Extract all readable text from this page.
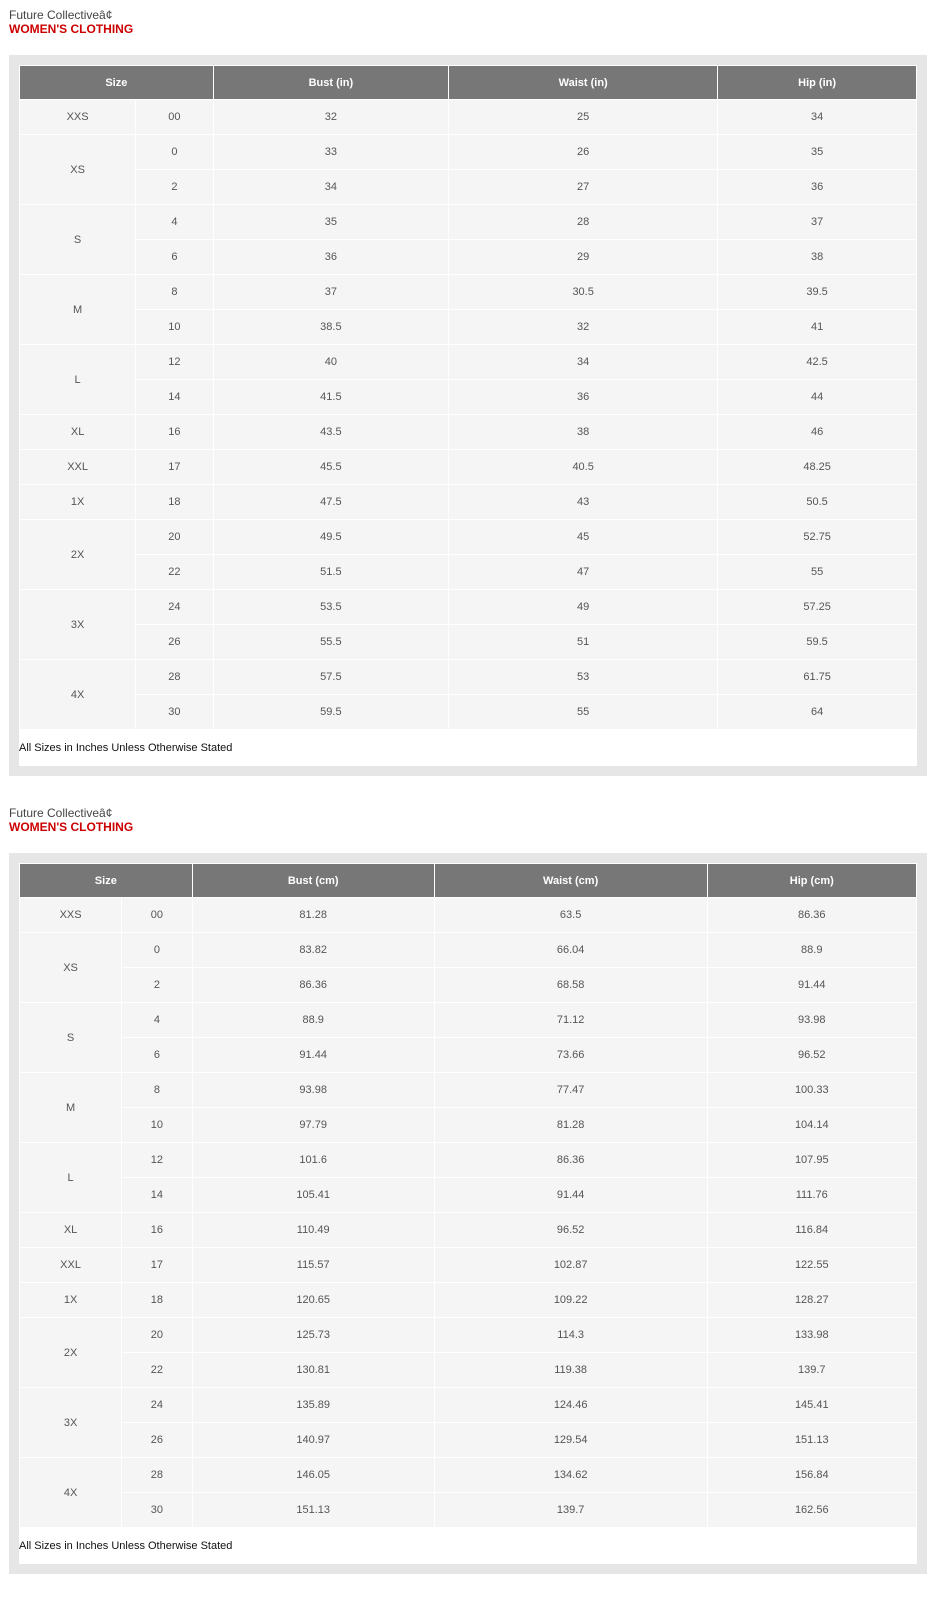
Future Collectiveâ¢
WOMEN'S CLOTHING
Size		Bust (in)	Waist (in)	Hip (in)
XXS	00	32	25	34
XS	0	33	26	35
	2	34	27	36
S	4	35	28	37
	6	36	29	38
M	8	37	30.5	39.5
	10	38.5	32	41
L	12	40	34	42.5
	14	41.5	36	44
XL	16	43.5	38	46
XXL	17	45.5	40.5	48.25
1X	18	47.5	43	50.5
2X	20	49.5	45	52.75
	22	51.5	47	55
3X	24	53.5	49	57.25
	26	55.5	51	59.5
4X	28	57.5	53	61.75
	30	59.5	55	64
All Sizes in Inches Unless Otherwise Stated
Future Collectiveâ¢
WOMEN'S CLOTHING
Size		Bust (cm)	Waist (cm)	Hip (cm)
XXS	00	81.28	63.5	86.36
XS	0	83.82	66.04	88.9
	2	86.36	68.58	91.44
S	4	88.9	71.12	93.98
	6	91.44	73.66	96.52
M	8	93.98	77.47	100.33
	10	97.79	81.28	104.14
L	12	101.6	86.36	107.95
	14	105.41	91.44	111.76
XL	16	110.49	96.52	116.84
XXL	17	115.57	102.87	122.55
1X	18	120.65	109.22	128.27
2X	20	125.73	114.3	133.98
	22	130.81	119.38	139.7
3X	24	135.89	124.46	145.41
	26	140.97	129.54	151.13
4X	28	146.05	134.62	156.84
	30	151.13	139.7	162.56
All Sizes in Inches Unless Otherwise Stated
